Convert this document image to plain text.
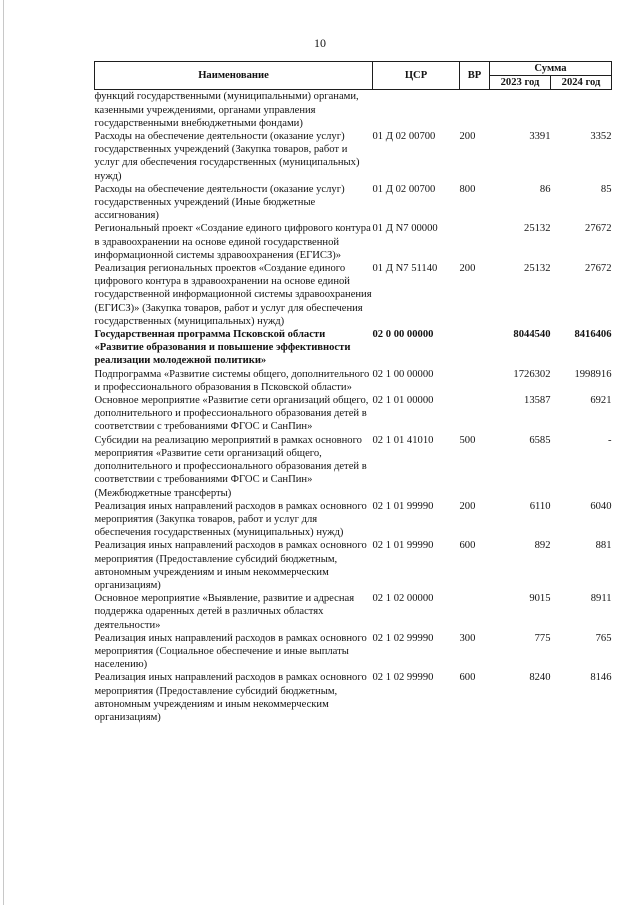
10
Наименование	ЦСР	ВР	Сумма	
			2023 год	2024 год
функций государственными (муниципальными) органами, казенными учреждениями, органами управления государственными внебюджетными фондами)				
Расходы на обеспечение деятельности (оказание услуг) государственных учреждений (Закупка товаров, работ и услуг для обеспечения государственных (муниципальных) нужд)	01 Д 02 00700	200	3391	3352
Расходы на обеспечение деятельности (оказание услуг) государственных учреждений (Иные бюджетные ассигнования)	01 Д 02 00700	800	86	85
Региональный проект «Создание единого цифрового контура в здравоохранении на основе единой государственной информационной системы здравоохранения (ЕГИСЗ)»	01 Д N7 00000		25132	27672
Реализация региональных проектов «Создание единого цифрового контура в здравоохранении на основе единой государственной информационной системы здравоохранения (ЕГИСЗ)» (Закупка товаров, работ и услуг для обеспечения государственных (муниципальных) нужд)	01 Д N7 51140	200	25132	27672
Государственная программа Псковской области «Развитие образования и повышение эффективности реализации молодежной политики»	02 0 00 00000		8044540	8416406
Подпрограмма «Развитие системы общего, дополнительного и профессионального образования в Псковской области»	02 1 00 00000		1726302	1998916
Основное мероприятие «Развитие сети организаций общего, дополнительного и профессионального образования детей в соответствии с требованиями ФГОС и СанПин»	02 1 01 00000		13587	6921
Субсидии на реализацию мероприятий в рамках основного мероприятия «Развитие сети организаций общего, дополнительного и профессионального образования детей в соответствии с требованиями ФГОС и СанПин» (Межбюджетные трансферты)	02 1 01 41010	500	6585	-
Реализация иных направлений расходов в рамках основного мероприятия (Закупка товаров, работ и услуг для обеспечения государственных (муниципальных) нужд)	02 1 01 99990	200	6110	6040
Реализация иных направлений расходов в рамках основного мероприятия (Предоставление субсидий бюджетным, автономным учреждениям и иным некоммерческим организациям)	02 1 01 99990	600	892	881
Основное мероприятие «Выявление, развитие и адресная поддержка одаренных детей в различных областях деятельности»	02 1 02 00000		9015	8911
Реализация иных направлений расходов в рамках основного мероприятия (Социальное обеспечение и иные выплаты населению)	02 1 02 99990	300	775	765
Реализация иных направлений расходов в рамках основного мероприятия (Предоставление субсидий бюджетным, автономным учреждениям и иным некоммерческим организациям)	02 1 02 99990	600	8240	8146
